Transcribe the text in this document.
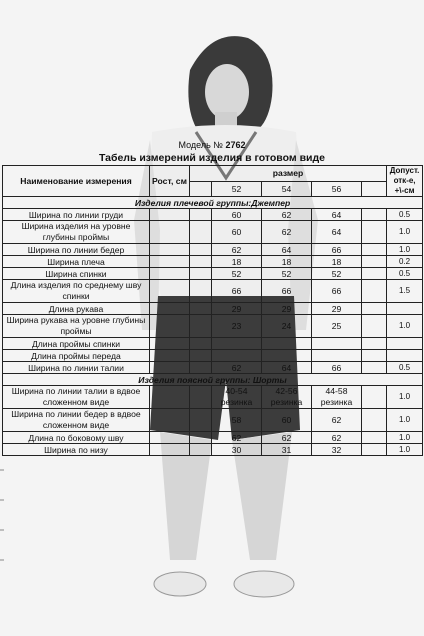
Модель № 2762
Табель измерений изделия в готовом виде
Наименование измерения	Рост, см	размер					Допуст. отк-е, +\-см
			52	54	56		
Изделия плечевой группы:Джемпер							
Ширина по линии груди			60	62	64		0.5
Ширина изделия на уровне глубины проймы			60	62	64		1.0
Ширина по линии бедер			62	64	66		1.0
Ширина плеча			18	18	18		0.2
Ширина спинки			52	52	52		0.5
Длина изделия по среднему шву спинки			66	66	66		1.5
Длина рукава			29	29	29		
Ширина рукава на уровне глубины проймы			23	24	25		1.0
Длина проймы спинки							
Длина проймы переда							
Ширина по линии талии			62	64	66		0.5
Изделия поясной группы: Шорты							
Ширина по линии талии в вдвое сложенном виде			40-54 резинка	42-56 резинка	44-58 резинка		1.0
Ширина по линии бедер в вдвое сложенном виде			58	60	62		1.0
Длина по боковому шву			62	62	62		1.0
Ширина по низу			30	31	32		1.0
